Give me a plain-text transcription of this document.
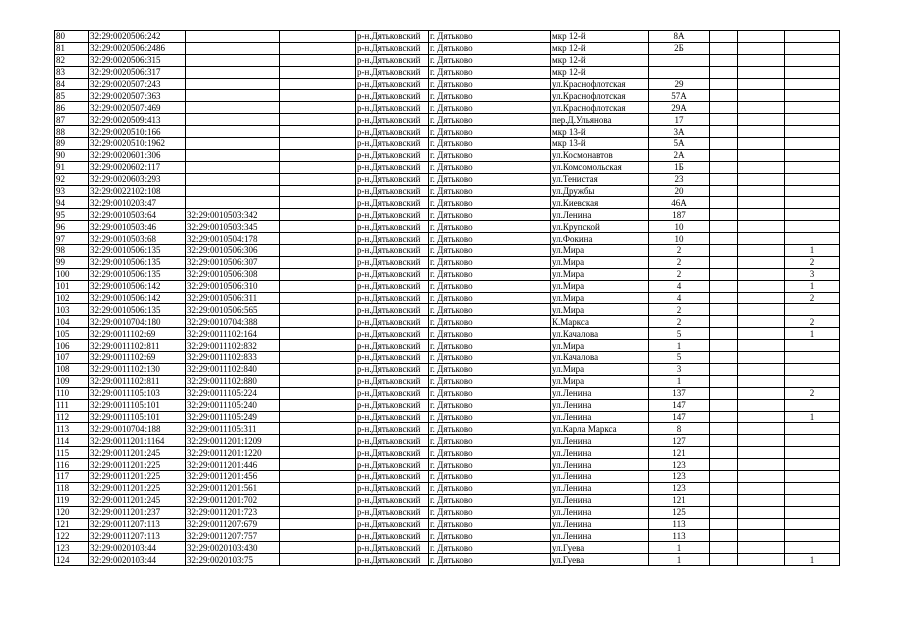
80	32:29:0020506:242			р-н.Дятьковский	г. Дятьково	мкр 12-й	8А			
81	32:29:0020506:2486			р-н.Дятьковский	г. Дятьково	мкр 12-й	2Б			
82	32:29:0020506:315			р-н.Дятьковский	г. Дятьково	мкр 12-й				
83	32:29:0020506:317			р-н.Дятьковский	г. Дятьково	мкр 12-й				
84	32:29:0020507:243			р-н.Дятьковский	г. Дятьково	ул.Краснофлотская	29			
85	32:29:0020507:363			р-н.Дятьковский	г. Дятьково	ул.Краснофлотская	57А			
86	32:29:0020507:469			р-н.Дятьковский	г. Дятьково	ул.Краснофлотская	29А			
87	32:29:0020509:413			р-н.Дятьковский	г. Дятьково	пер.Д.Ульянова	17			
88	32:29:0020510:166			р-н.Дятьковский	г. Дятьково	мкр 13-й	3А			
89	32:29:0020510:1962			р-н.Дятьковский	г. Дятьково	мкр 13-й	5А			
90	32:29:0020601:306			р-н.Дятьковский	г. Дятьково	ул.Космонавтов	2А			
91	32:29:0020602:117			р-н.Дятьковский	г. Дятьково	ул.Комсомольская	1Б			
92	32:29:0020603:293			р-н.Дятьковский	г. Дятьково	ул.Тенистая	23			
93	32:29:0022102:108			р-н.Дятьковский	г. Дятьково	ул.Дружбы	20			
94	32:29:0010203:47			р-н.Дятьковский	г. Дятьково	ул.Киевская	46А			
95	32:29:0010503:64	32:29:0010503:342		р-н.Дятьковский	г. Дятьково	ул.Ленина	187			
96	32:29:0010503:46	32:29:0010503:345		р-н.Дятьковский	г. Дятьково	ул.Крупской	10			
97	32:29:0010503:68	32:29:0010504:178		р-н.Дятьковский	г. Дятьково	ул.Фокина	10			
98	32:29:0010506:135	32:29:0010506:306		р-н.Дятьковский	г. Дятьково	ул.Мира	2			1
99	32:29:0010506:135	32:29:0010506:307		р-н.Дятьковский	г. Дятьково	ул.Мира	2			2
100	32:29:0010506:135	32:29:0010506:308		р-н.Дятьковский	г. Дятьково	ул.Мира	2			3
101	32:29:0010506:142	32:29:0010506:310		р-н.Дятьковский	г. Дятьково	ул.Мира	4			1
102	32:29:0010506:142	32:29:0010506:311		р-н.Дятьковский	г. Дятьково	ул.Мира	4			2
103	32:29:0010506:135	32:29:0010506:565		р-н.Дятьковский	г. Дятьково	ул.Мира	2			
104	32:29:0010704:180	32:29:0010704:388		р-н.Дятьковский	г. Дятьково	К.Маркса	2			2
105	32:29:0011102:69	32:29:0011102:164		р-н.Дятьковский	г. Дятьково	ул.Качалова	5			1
106	32:29:0011102:811	32:29:0011102:832		р-н.Дятьковский	г. Дятьково	ул.Мира	1			
107	32:29:0011102:69	32:29:0011102:833		р-н.Дятьковский	г. Дятьково	ул.Качалова	5			
108	32:29:0011102:130	32:29:0011102:840		р-н.Дятьковский	г. Дятьково	ул.Мира	3			
109	32:29:0011102:811	32:29:0011102:880		р-н.Дятьковский	г. Дятьково	ул.Мира	1			
110	32:29:0011105:103	32:29:0011105:224		р-н.Дятьковский	г. Дятьково	ул.Ленина	137			2
111	32:29:0011105:101	32:29:0011105:240		р-н.Дятьковский	г. Дятьково	ул.Ленина	147			
112	32:29:0011105:101	32:29:0011105:249		р-н.Дятьковский	г. Дятьково	ул.Ленина	147			1
113	32:29:0010704:188	32:29:0011105:311		р-н.Дятьковский	г. Дятьково	ул.Карла Маркса	8			
114	32:29:0011201:1164	32:29:0011201:1209		р-н.Дятьковский	г. Дятьково	ул.Ленина	127			
115	32:29:0011201:245	32:29:0011201:1220		р-н.Дятьковский	г. Дятьково	ул.Ленина	121			
116	32:29:0011201:225	32:29:0011201:446		р-н.Дятьковский	г. Дятьково	ул.Ленина	123			
117	32:29:0011201:225	32:29:0011201:456		р-н.Дятьковский	г. Дятьково	ул.Ленина	123			
118	32:29:0011201:225	32:29:0011201:561		р-н.Дятьковский	г. Дятьково	ул.Ленина	123			
119	32:29:0011201:245	32:29:0011201:702		р-н.Дятьковский	г. Дятьково	ул.Ленина	121			
120	32:29:0011201:237	32:29:0011201:723		р-н.Дятьковский	г. Дятьково	ул.Ленина	125			
121	32:29:0011207:113	32:29:0011207:679		р-н.Дятьковский	г. Дятьково	ул.Ленина	113			
122	32:29:0011207:113	32:29:0011207:757		р-н.Дятьковский	г. Дятьково	ул.Ленина	113			
123	32:29:0020103:44	32:29:0020103:430		р-н.Дятьковский	г. Дятьково	ул.Гуева	1			
124	32:29:0020103:44	32:29:0020103:75		р-н.Дятьковский	г. Дятьково	ул.Гуева	1			1
